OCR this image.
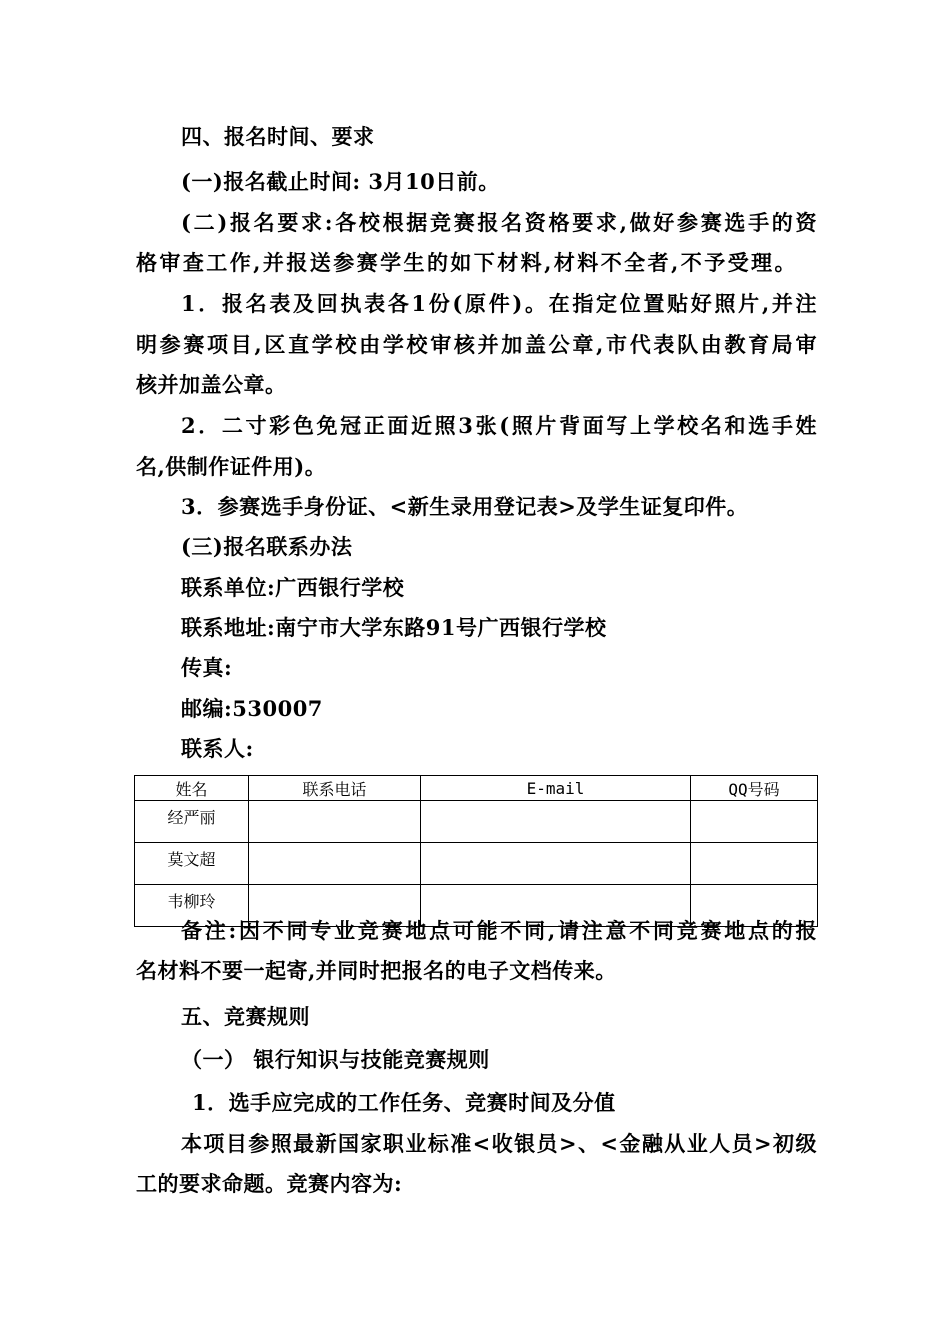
四、报名时间、要求
(一)报名截止时间: 3月10日前。
(二)报名要求:各校根据竞赛报名资格要求,做好参赛选手的资
格审查工作,并报送参赛学生的如下材料,材料不全者,不予受理。
1．报名表及回执表各1份(原件)。在指定位置贴好照片,并注
明参赛项目,区直学校由学校审核并加盖公章,市代表队由教育局审
核并加盖公章。
2．二寸彩色免冠正面近照3张(照片背面写上学校名和选手姓
名,供制作证件用)。
3．参赛选手身份证、<新生录用登记表>及学生证复印件。
(三)报名联系办法
联系单位:广西银行学校
联系地址:南宁市大学东路91号广西银行学校
传真:
邮编:530007
联系人:
姓名	联系电话	E-mail	QQ号码
经严丽			
莫文超			
韦柳玲			
备注:因不同专业竞赛地点可能不同,请注意不同竞赛地点的报
名材料不要一起寄,并同时把报名的电子文档传来。
五、竞赛规则
（一） 银行知识与技能竞赛规则
1．选手应完成的工作任务、竞赛时间及分值
本项目参照最新国家职业标准<收银员>、<金融从业人员>初级
工的要求命题。竞赛内容为:
